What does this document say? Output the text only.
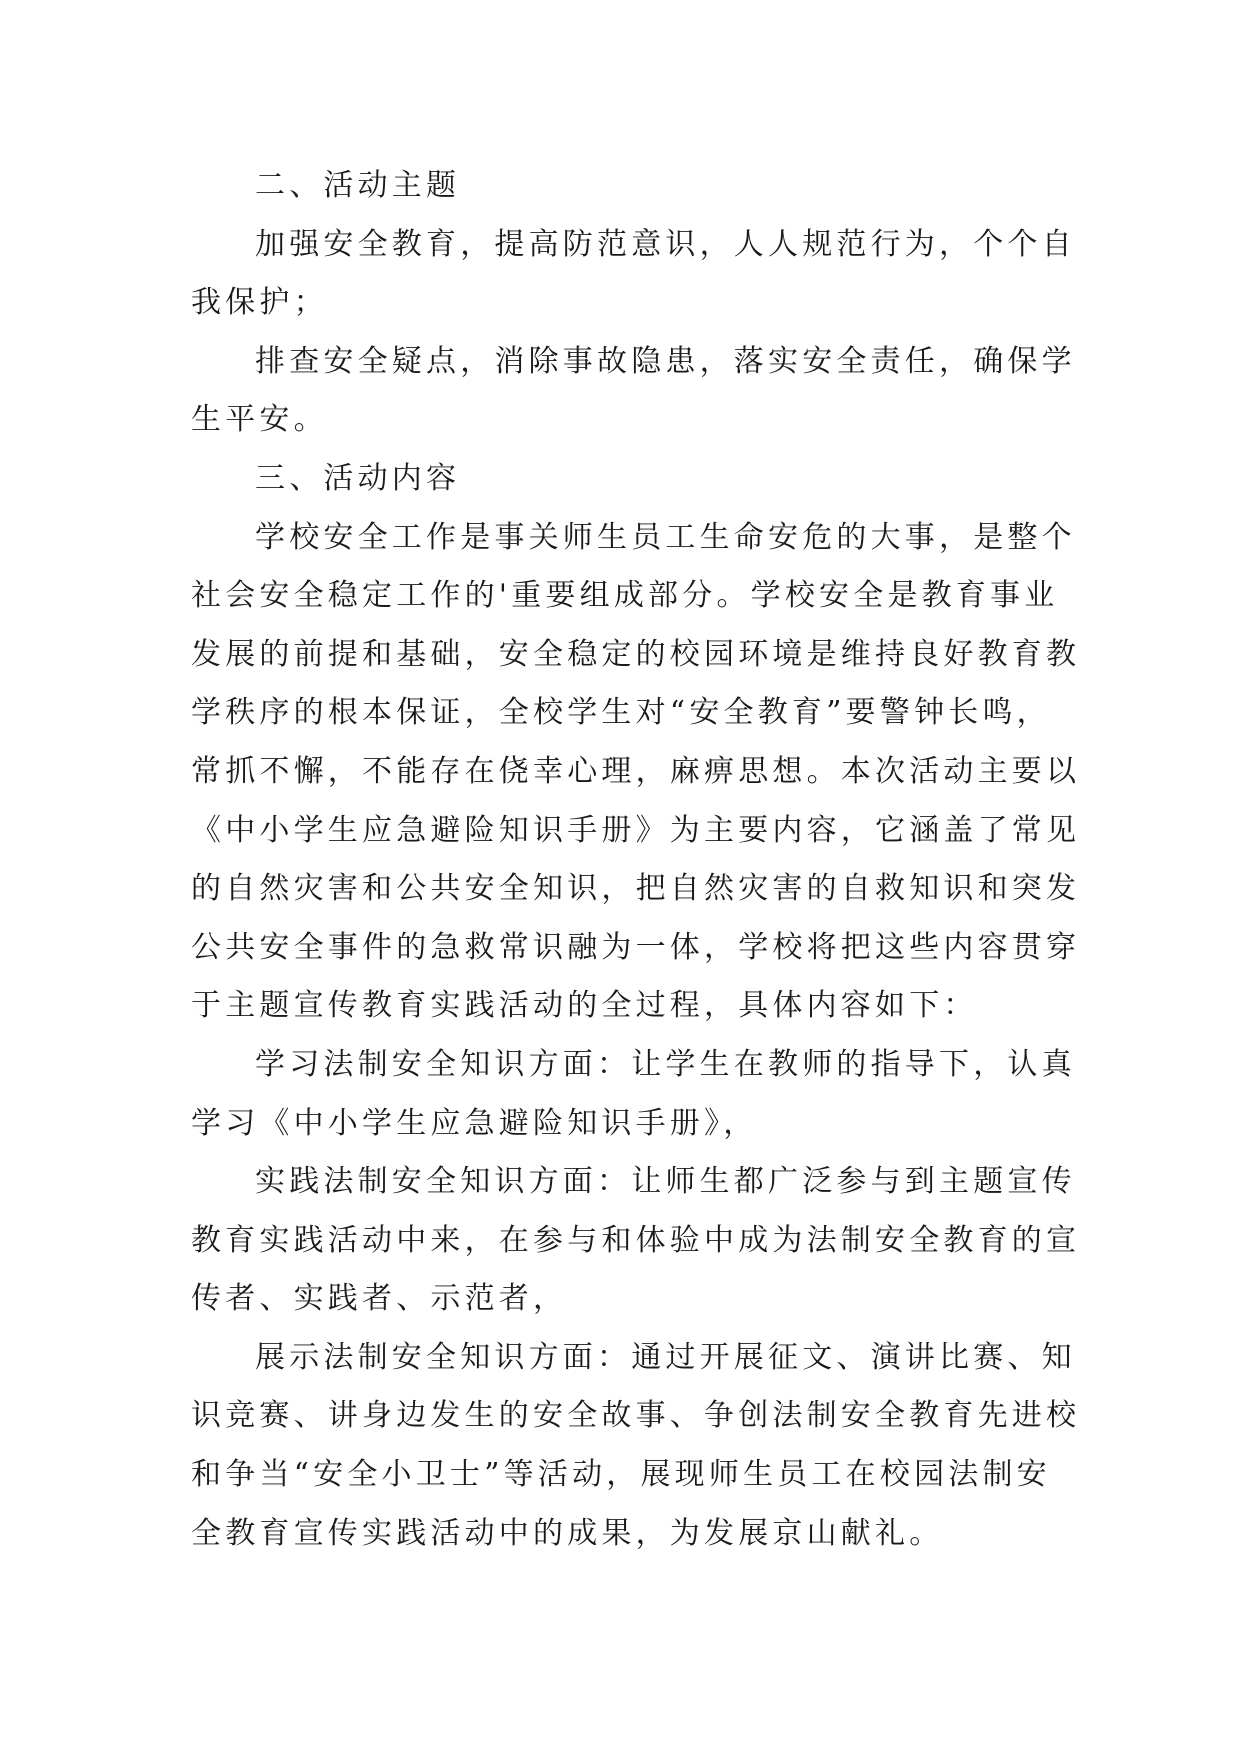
二、活动主题
加强安全教育，提高防范意识，人人规范行为，个个自
我保护；
排查安全疑点，消除事故隐患，落实安全责任，确保学
生平安。
三、活动内容
学校安全工作是事关师生员工生命安危的大事，是整个
社会安全稳定工作的'重要组成部分。学校安全是教育事业
发展的前提和基础，安全稳定的校园环境是维持良好教育教
学秩序的根本保证，全校学生对“安全教育”要警钟长鸣，
常抓不懈，不能存在侥幸心理，麻痹思想。本次活动主要以
《中小学生应急避险知识手册》为主要内容，它涵盖了常见
的自然灾害和公共安全知识，把自然灾害的自救知识和突发
公共安全事件的急救常识融为一体，学校将把这些内容贯穿
于主题宣传教育实践活动的全过程，具体内容如下：
学习法制安全知识方面：让学生在教师的指导下，认真
学习《中小学生应急避险知识手册》，
实践法制安全知识方面：让师生都广泛参与到主题宣传
教育实践活动中来，在参与和体验中成为法制安全教育的宣
传者、实践者、示范者，
展示法制安全知识方面：通过开展征文、演讲比赛、知
识竞赛、讲身边发生的安全故事、争创法制安全教育先进校
和争当“安全小卫士”等活动，展现师生员工在校园法制安
全教育宣传实践活动中的成果，为发展京山献礼。
